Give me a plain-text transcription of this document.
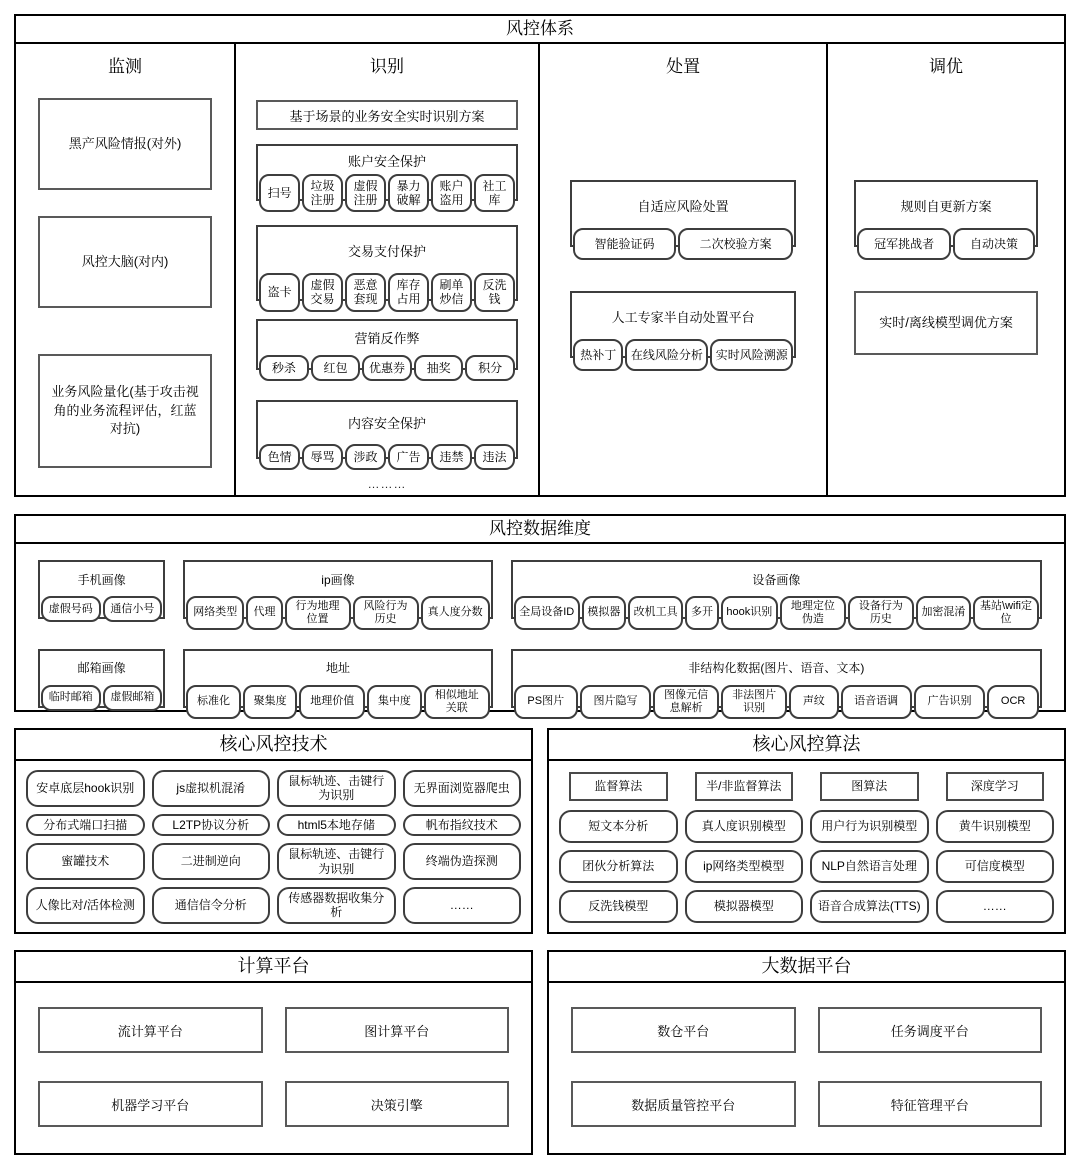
风控体系
监测
黑产风险情报(对外)
风控大脑(对内)
业务风险量化(基于攻击视角的业务流程评估，红蓝对抗)
识别
基于场景的业务安全实时识别方案
账户安全保护
扫号
垃圾注册
虚假注册
暴力破解
账户盗用
社工库
交易支付保护
盗卡
虚假交易
恶意套现
库存占用
刷单炒信
反洗钱
营销反作弊
秒杀	红包	优惠券	抽奖	积分
内容安全保护
色情	辱骂	涉政	广告	违禁	违法
………
处置
自适应风险处置
智能验证码	二次校验方案
人工专家半自动处置平台
热补丁	在线风险分析	实时风险溯源
调优
规则自更新方案
冠军挑战者	自动决策
实时/离线模型调优方案
风控数据维度
手机画像
虚假号码	通信小号
ip画像
网络类型	代理
行为地理位置
风险行为历史
真人度分数
设备画像
全局设备ID	模拟器	改机工具	多开	hook识别
地理定位伪造
设备行为历史
加密混淆
基站\wifi定位
邮箱画像
临时邮箱	虚假邮箱
地址
标准化	聚集度	地理价值	集中度
相似地址关联
非结构化数据(图片、语音、文本)
PS图片	图片隐写
图像元信息解析
非法图片识别
声纹	语音语调	广告识别	OCR
核心风控技术
安卓底层hook识别	js虚拟机混淆
鼠标轨迹、击键行为识别
无界面浏览器爬虫
分布式端口扫描	L2TP协议分析	html5本地存储	帆布指纹技术
蜜罐技术	二进制逆向
鼠标轨迹、击键行为识别
终端伪造探测
人像比对/活体检测	通信信令分析
传感器数据收集分析
……
核心风控算法
监督算法	半/非监督算法	图算法	深度学习
短文本分析	真人度识别模型	用户行为识别模型	黄牛识别模型
团伙分析算法	ip网络类型模型	NLP自然语言处理	可信度模型
反洗钱模型	模拟器模型	语音合成算法(TTS)	……
计算平台
流计算平台	图计算平台
机器学习平台	决策引擎
大数据平台
数仓平台	任务调度平台
数据质量管控平台	特征管理平台
